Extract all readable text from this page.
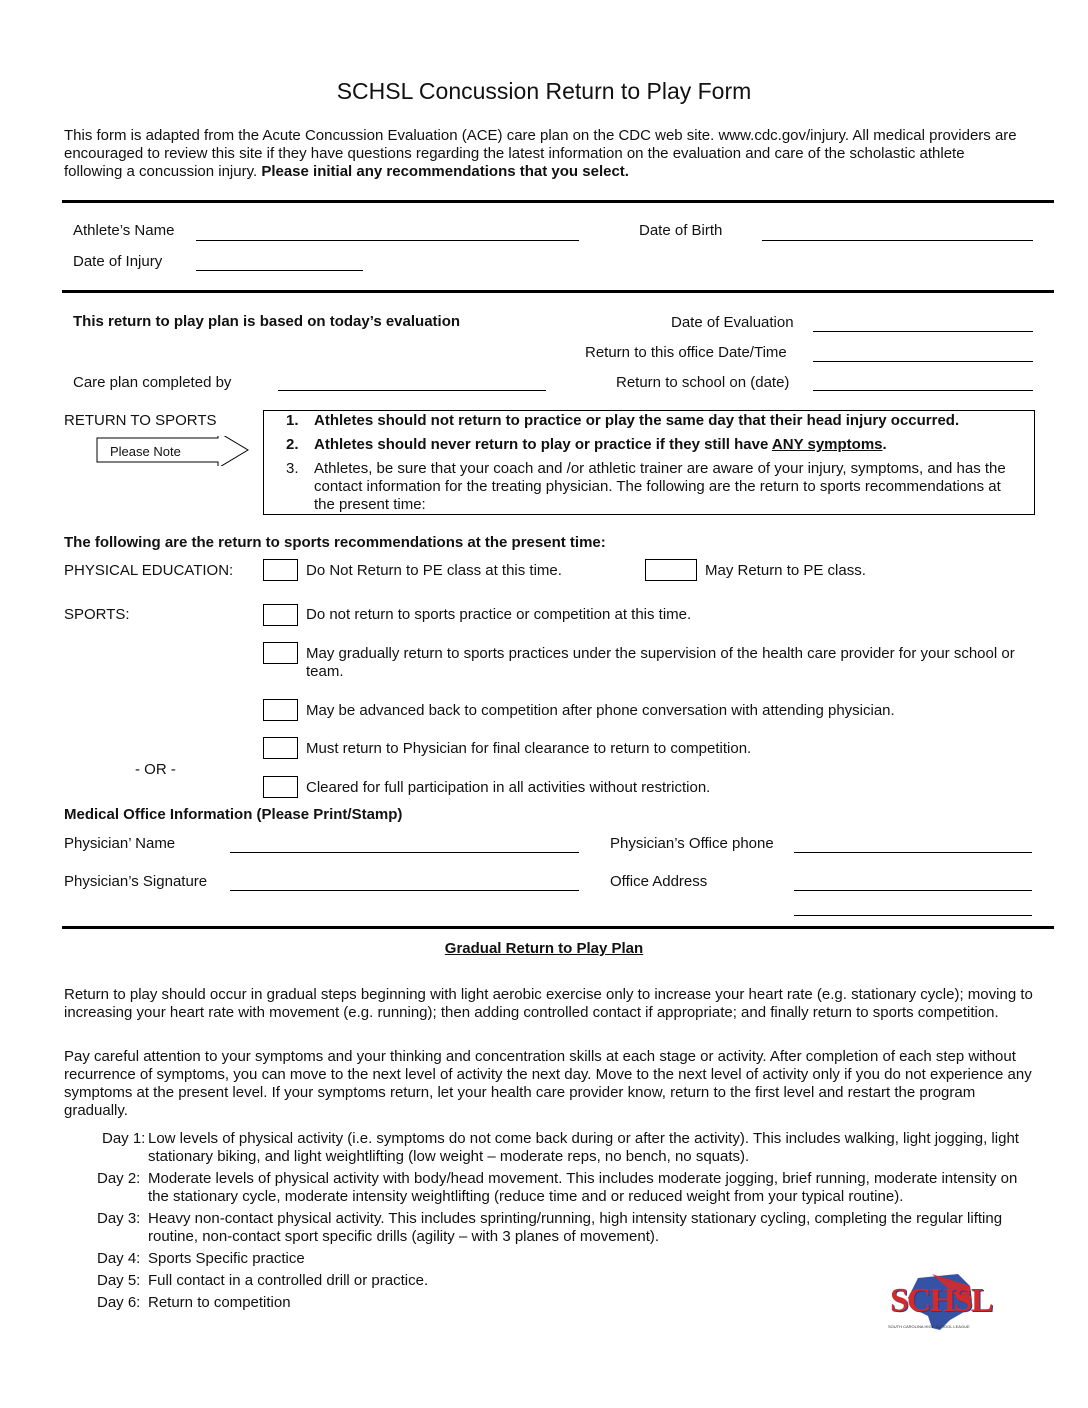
SCHSL Concussion Return to Play Form
This form is adapted from the Acute Concussion Evaluation (ACE) care plan on the CDC web site. www.cdc.gov/injury. All medical providers are encouraged to review this site if they have questions regarding the latest information on the evaluation and care of the scholastic athlete following a concussion injury. Please initial any recommendations that you select.
Athlete’s Name	Date of Birth
Date of Injury
This return to play plan is based on today’s evaluation	Date of Evaluation
Return to this office Date/Time
Care plan completed by	Return to school on (date)
RETURN TO SPORTS
Please Note
1. Athletes should not return to practice or play the same day that their head injury occurred.
2. Athletes should never return to play or practice if they still have ANY symptoms.
3. Athletes, be sure that your coach and /or athletic trainer are aware of your injury, symptoms, and has the contact information for the treating physician. The following are the return to sports recommendations at the present time:
The following are the return to sports recommendations at the present time:
PHYSICAL EDUCATION:	Do Not Return to PE class at this time.	May Return to PE class.
SPORTS:	Do not return to sports practice or competition at this time.
May gradually return to sports practices under the supervision of the health care provider for your school or team.
May be advanced back to competition after phone conversation with attending physician.
Must return to Physician for final clearance to return to competition.
- OR -
Cleared for full participation in all activities without restriction.
Medical Office Information (Please Print/Stamp)
Physician’ Name	Physician’s Office phone
Physician’s Signature	Office Address
Gradual Return to Play Plan
Return to play should occur in gradual steps beginning with light aerobic exercise only to increase your heart rate (e.g. stationary cycle); moving to increasing your heart rate with movement (e.g. running); then adding controlled contact if appropriate; and finally return to sports competition.
Pay careful attention to your symptoms and your thinking and concentration skills at each stage or activity. After completion of each step without recurrence of symptoms, you can move to the next level of activity the next day. Move to the next level of activity only if you do not experience any symptoms at the present level. If your symptoms return, let your health care provider know, return to the first level and restart the program gradually.
Day 1: Low levels of physical activity (i.e. symptoms do not come back during or after the activity). This includes walking, light jogging, light stationary biking, and light weightlifting (low weight – moderate reps, no bench, no squats).
Day 2: Moderate levels of physical activity with body/head movement. This includes moderate jogging, brief running, moderate intensity on the stationary cycle, moderate intensity weightlifting (reduce time and or reduced weight from your typical routine).
Day 3: Heavy non-contact physical activity. This includes sprinting/running, high intensity stationary cycling, completing the regular lifting routine, non-contact sport specific drills (agility – with 3 planes of movement).
Day 4: Sports Specific practice
Day 5: Full contact in a controlled drill or practice.
Day 6: Return to competition	SCHSL
SOUTH CAROLINA HIGH SCHOOL LEAGUE
